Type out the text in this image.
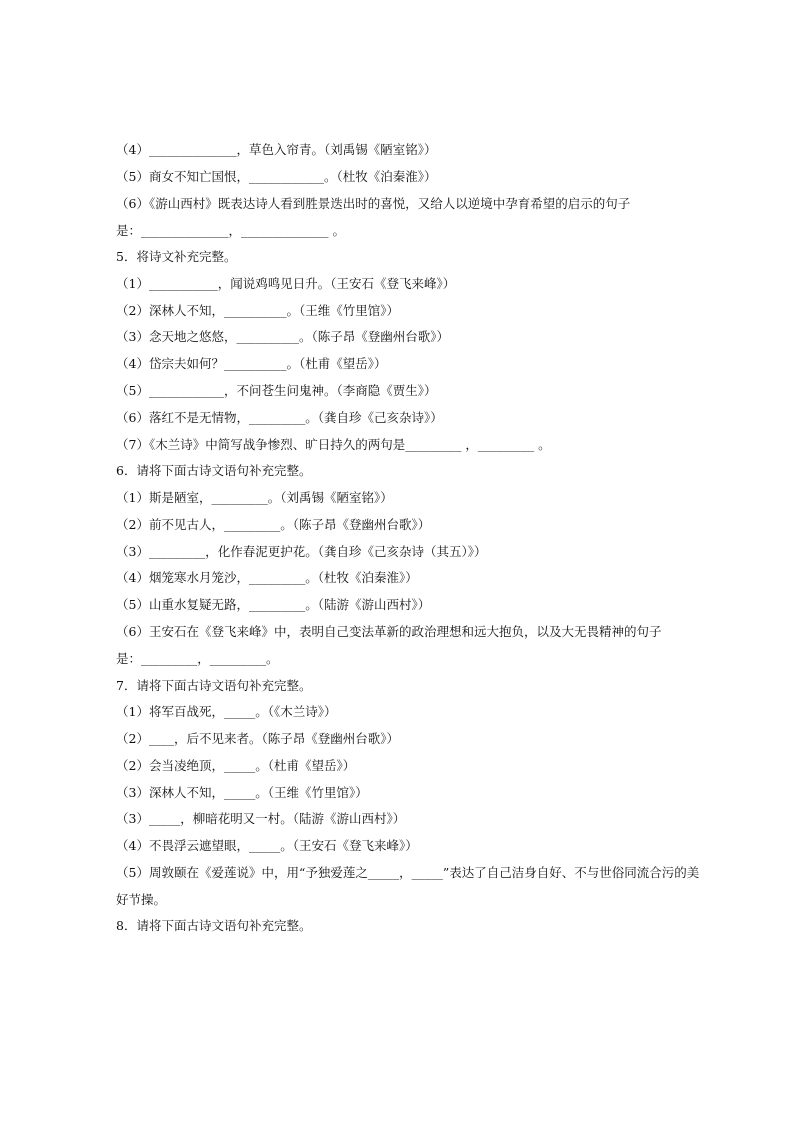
（4）______________，草色入帘青。（刘禹锡《陋室铭》）
（5）商女不知亡国恨，____________。（杜牧《泊秦淮》）
（6）《游山西村》既表达诗人看到胜景迭出时的喜悦，又给人以逆境中孕育希望的启示的句子
是：______________，______________ 。
5．将诗文补充完整。
（1）___________，闻说鸡鸣见日升。（王安石《登飞来峰》）
（2）深林人不知，__________。（王维《竹里馆》）
（3）念天地之悠悠，__________。（陈子昂《登幽州台歌》）
（4）岱宗夫如何？__________。（杜甫《望岳》）
（5）____________，不问苍生问鬼神。（李商隐《贾生》）
（6）落红不是无情物，_________。（龚自珍《己亥杂诗》）
（7）《木兰诗》中简写战争惨烈、旷日持久的两句是_________ ，_________ 。
6．请将下面古诗文语句补充完整。
（1）斯是陋室，_________。（刘禹锡《陋室铭》）
（2）前不见古人，_________。（陈子昂《登幽州台歌》）
（3）_________，化作春泥更护花。（龚自珍《己亥杂诗（其五）》）
（4）烟笼寒水月笼沙，_________。（杜牧《泊秦淮》）
（5）山重水复疑无路，_________。（陆游《游山西村》）
（6）王安石在《登飞来峰》中，表明自己变法革新的政治理想和远大抱负，以及大无畏精神的句子
是：_________，_________。
7．请将下面古诗文语句补充完整。
（1）将军百战死，_____。（《木兰诗》）
（2）____，后不见来者。（陈子昂《登幽州台歌》）
（2）会当凌绝顶，_____。（杜甫《望岳》）
（3）深林人不知，_____。（王维《竹里馆》）
（3）_____，柳暗花明又一村。（陆游《游山西村》）
（4）不畏浮云遮望眼，_____。（王安石《登飞来峰》）
（5）周敦颐在《爱莲说》中，用“予独爱莲之_____，_____”表达了自己洁身自好、不与世俗同流合污的美
好节操。
8．请将下面古诗文语句补充完整。
